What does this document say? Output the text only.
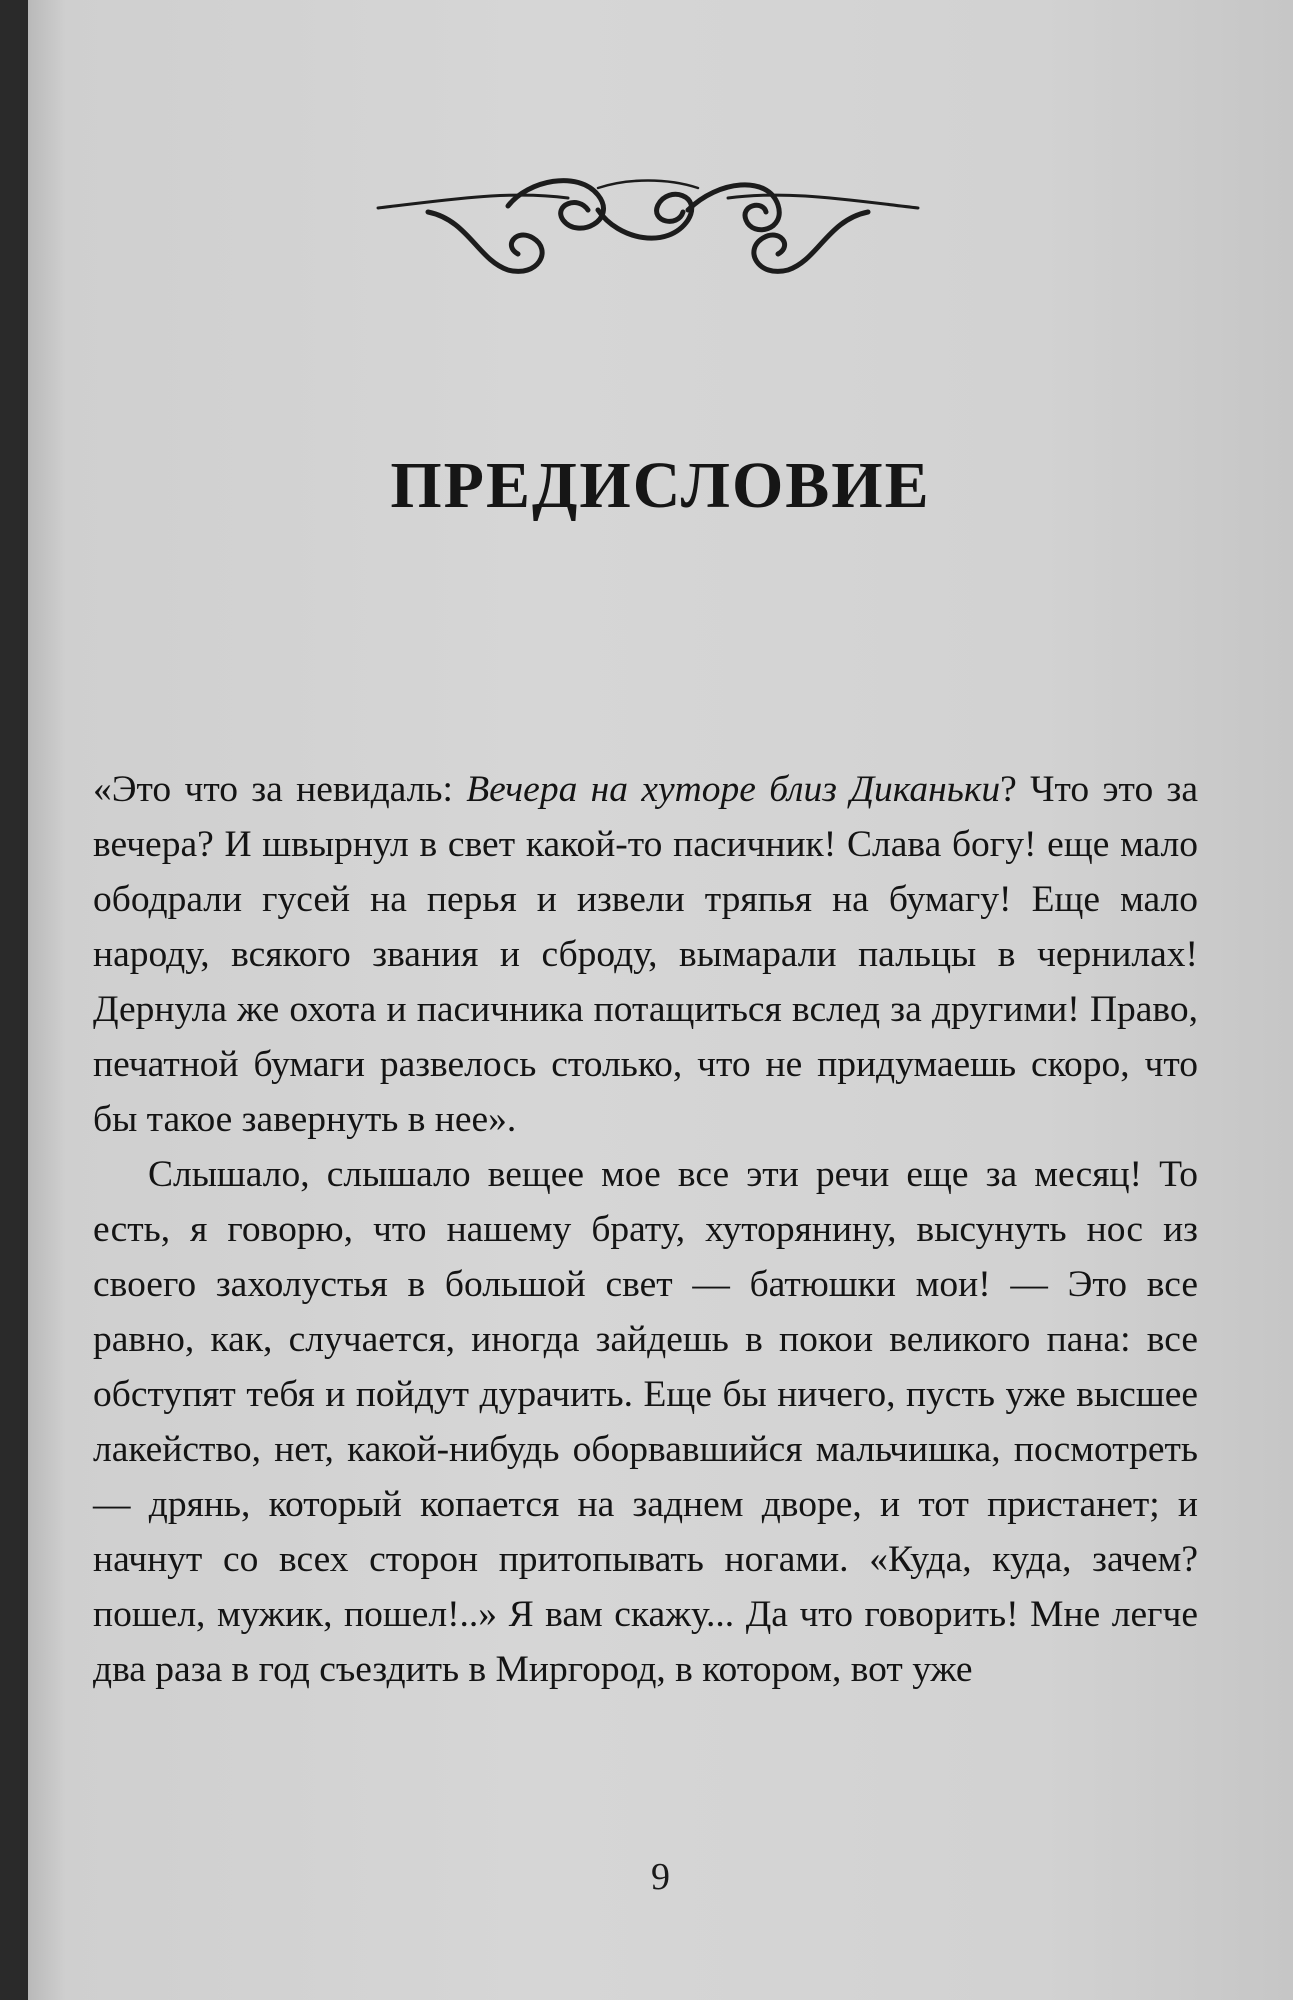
ПРЕДИСЛОВИЕ

«Это что за невидаль: Вечера на хуторе близ Диканьки? Что это за вечера? И швырнул в свет какой-то пасичник! Слава богу! еще мало ободрали гусей на перья и извели тряпья на бумагу! Еще мало народу, всякого звания и сброду, вымарали пальцы в чернилах! Дернула же охота и пасичника потащиться вслед за другими! Право, печатной бумаги развелось столько, что не придумаешь скоро, что бы такое завернуть в нее».

Слышало, слышало вещее мое все эти речи еще за месяц! То есть, я говорю, что нашему брату, хуторянину, высунуть нос из своего захолустья в большой свет — батюшки мои! — Это все равно, как, случается, иногда зайдешь в покои великого пана: все обступят тебя и пойдут дурачить. Еще бы ничего, пусть уже высшее лакейство, нет, какой-нибудь оборвавшийся мальчишка, посмотреть — дрянь, который копается на заднем дворе, и тот пристанет; и начнут со всех сторон притопывать ногами. «Куда, куда, зачем? пошел, мужик, пошел!..» Я вам скажу... Да что говорить! Мне легче два раза в год съездить в Миргород, в котором, вот уже

9
